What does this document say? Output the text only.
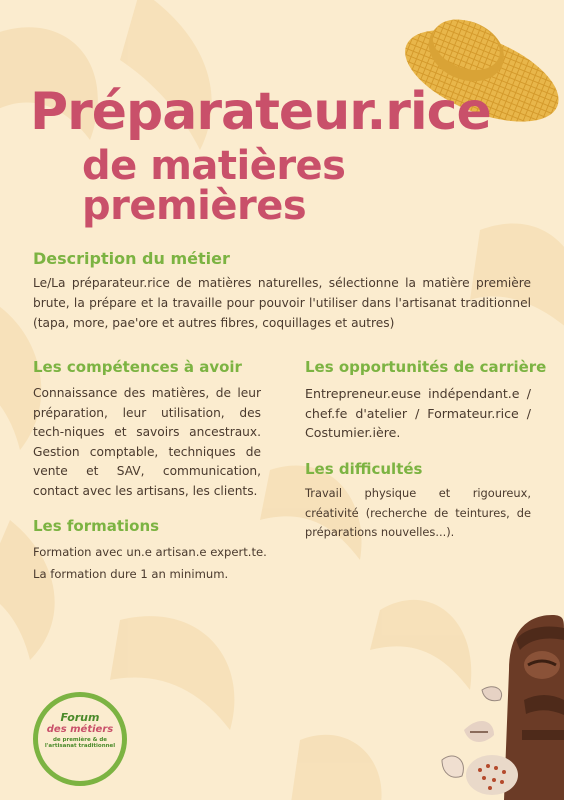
Préparateur.rice
de matières premières
Description du métier

Le/La préparateur.rice de matières naturelles, sélectionne la matière première brute, la prépare et la travaille pour pouvoir l'utiliser dans l'artisanat traditionnel (tapa, more, pae'ore et autres fibres, coquillages et autres)

Les compétences à avoir

Connaissance des matières, de leur préparation, leur utilisation, des tech-niques et savoirs ancestraux. Gestion comptable, techniques de vente et SAV, communication, contact avec les artisans, les clients.

Les formations

Formation avec un.e artisan.e expert.te.

La formation dure 1 an minimum.

Les opportunités de carrière

Entrepreneur.euse indépendant.e / chef.fe d'atelier / Formateur.rice / Costumier.ière.

Les difficultés

Travail physique et rigoureux, créativité (recherche de teintures, de préparations nouvelles...).

Forum
des métiers
de première & de
l'artisanat traditionnel
